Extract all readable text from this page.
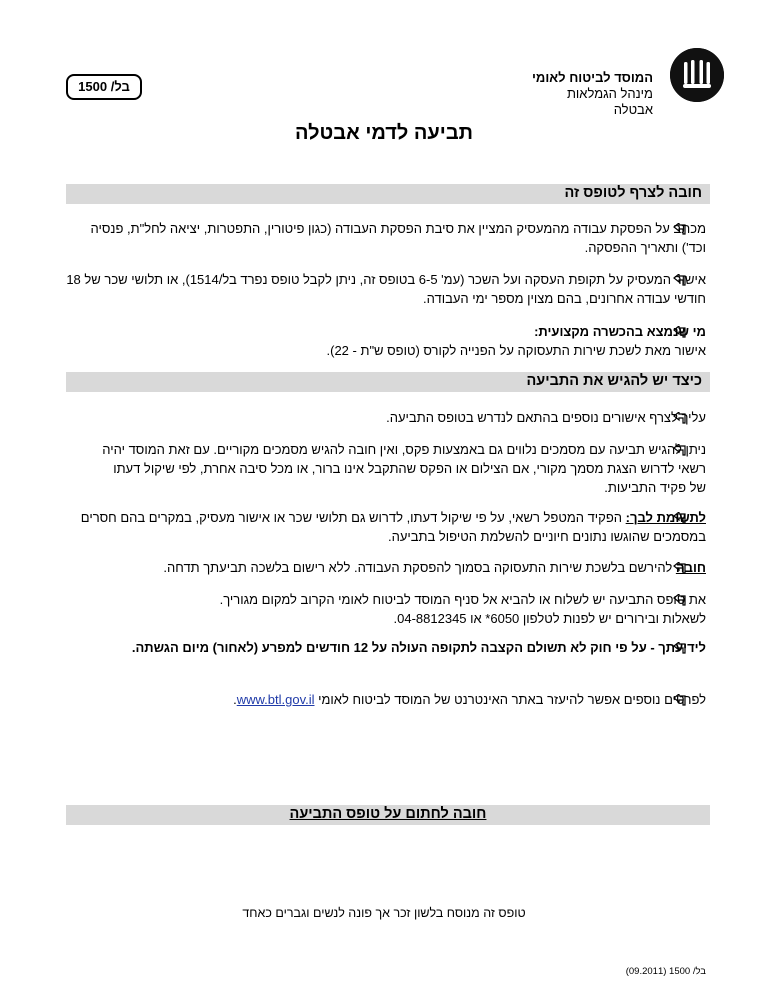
המוסד לביטוח לאומי
מינהל הגמלאות
אבטלה
בל/ 1500
תביעה לדמי אבטלה
חובה לצרף לטופס זה
מכתב על הפסקת עבודה מהמעסיק המציין את סיבת הפסקת העבודה (כגון פיטורין, התפטרות, יציאה לחל"ת, פנסיה וכד') ותאריך ההפסקה.
אישור המעסיק על תקופת העסקה ועל השכר (עמ' 6-5 בטופס זה, ניתן לקבל טופס נפרד בל/1514), או תלושי שכר של 18 חודשי עבודה אחרונים, בהם מצוין מספר ימי העבודה.
מי שנמצא בהכשרה מקצועית:
אישור מאת לשכת שירות התעסוקה על הפנייה לקורס (טופס ש"ת - 22).
כיצד יש להגיש את התביעה
עליך לצרף אישורים נוספים בהתאם לנדרש בטופס התביעה.
ניתן להגיש תביעה עם מסמכים נלווים גם באמצעות פקס, ואין חובה להגיש מסמכים מקוריים. עם זאת המוסד יהיה רשאי לדרוש הצגת מסמך מקורי, אם הצילום או הפקס שהתקבל אינו ברור, או מכל סיבה אחרת, לפי שיקול דעתו של פקיד התביעות.
לתשומת לבך: הפקיד המטפל רשאי, על פי שיקול דעתו, לדרוש גם תלושי שכר או אישור מעסיק, במקרים בהם חסרים במסמכים שהוגשו נתונים חיוניים להשלמת הטיפול בתביעה.
חובה להירשם בלשכת שירות התעסוקה בסמוך להפסקת העבודה. ללא רישום בלשכה תביעתך תדחה.
את טופס התביעה יש לשלוח או להביא אל סניף המוסד לביטוח לאומי הקרוב למקום מגוריך.
לשאלות ובירורים יש לפנות לטלפון 6050* או 04-8812345.
לידיעתך - על פי חוק לא תשולם הקצבה לתקופה העולה על 12 חודשים למפרע (לאחור) מיום הגשתה.
לפרטים נוספים אפשר להיעזר באתר האינטרנט של המוסד לביטוח לאומי www.btl.gov.il.
חובה לחתום על טופס התביעה
טופס זה מנוסח בלשון זכר אך פונה לנשים וגברים כאחד
בל/ 1500 (09.2011)
